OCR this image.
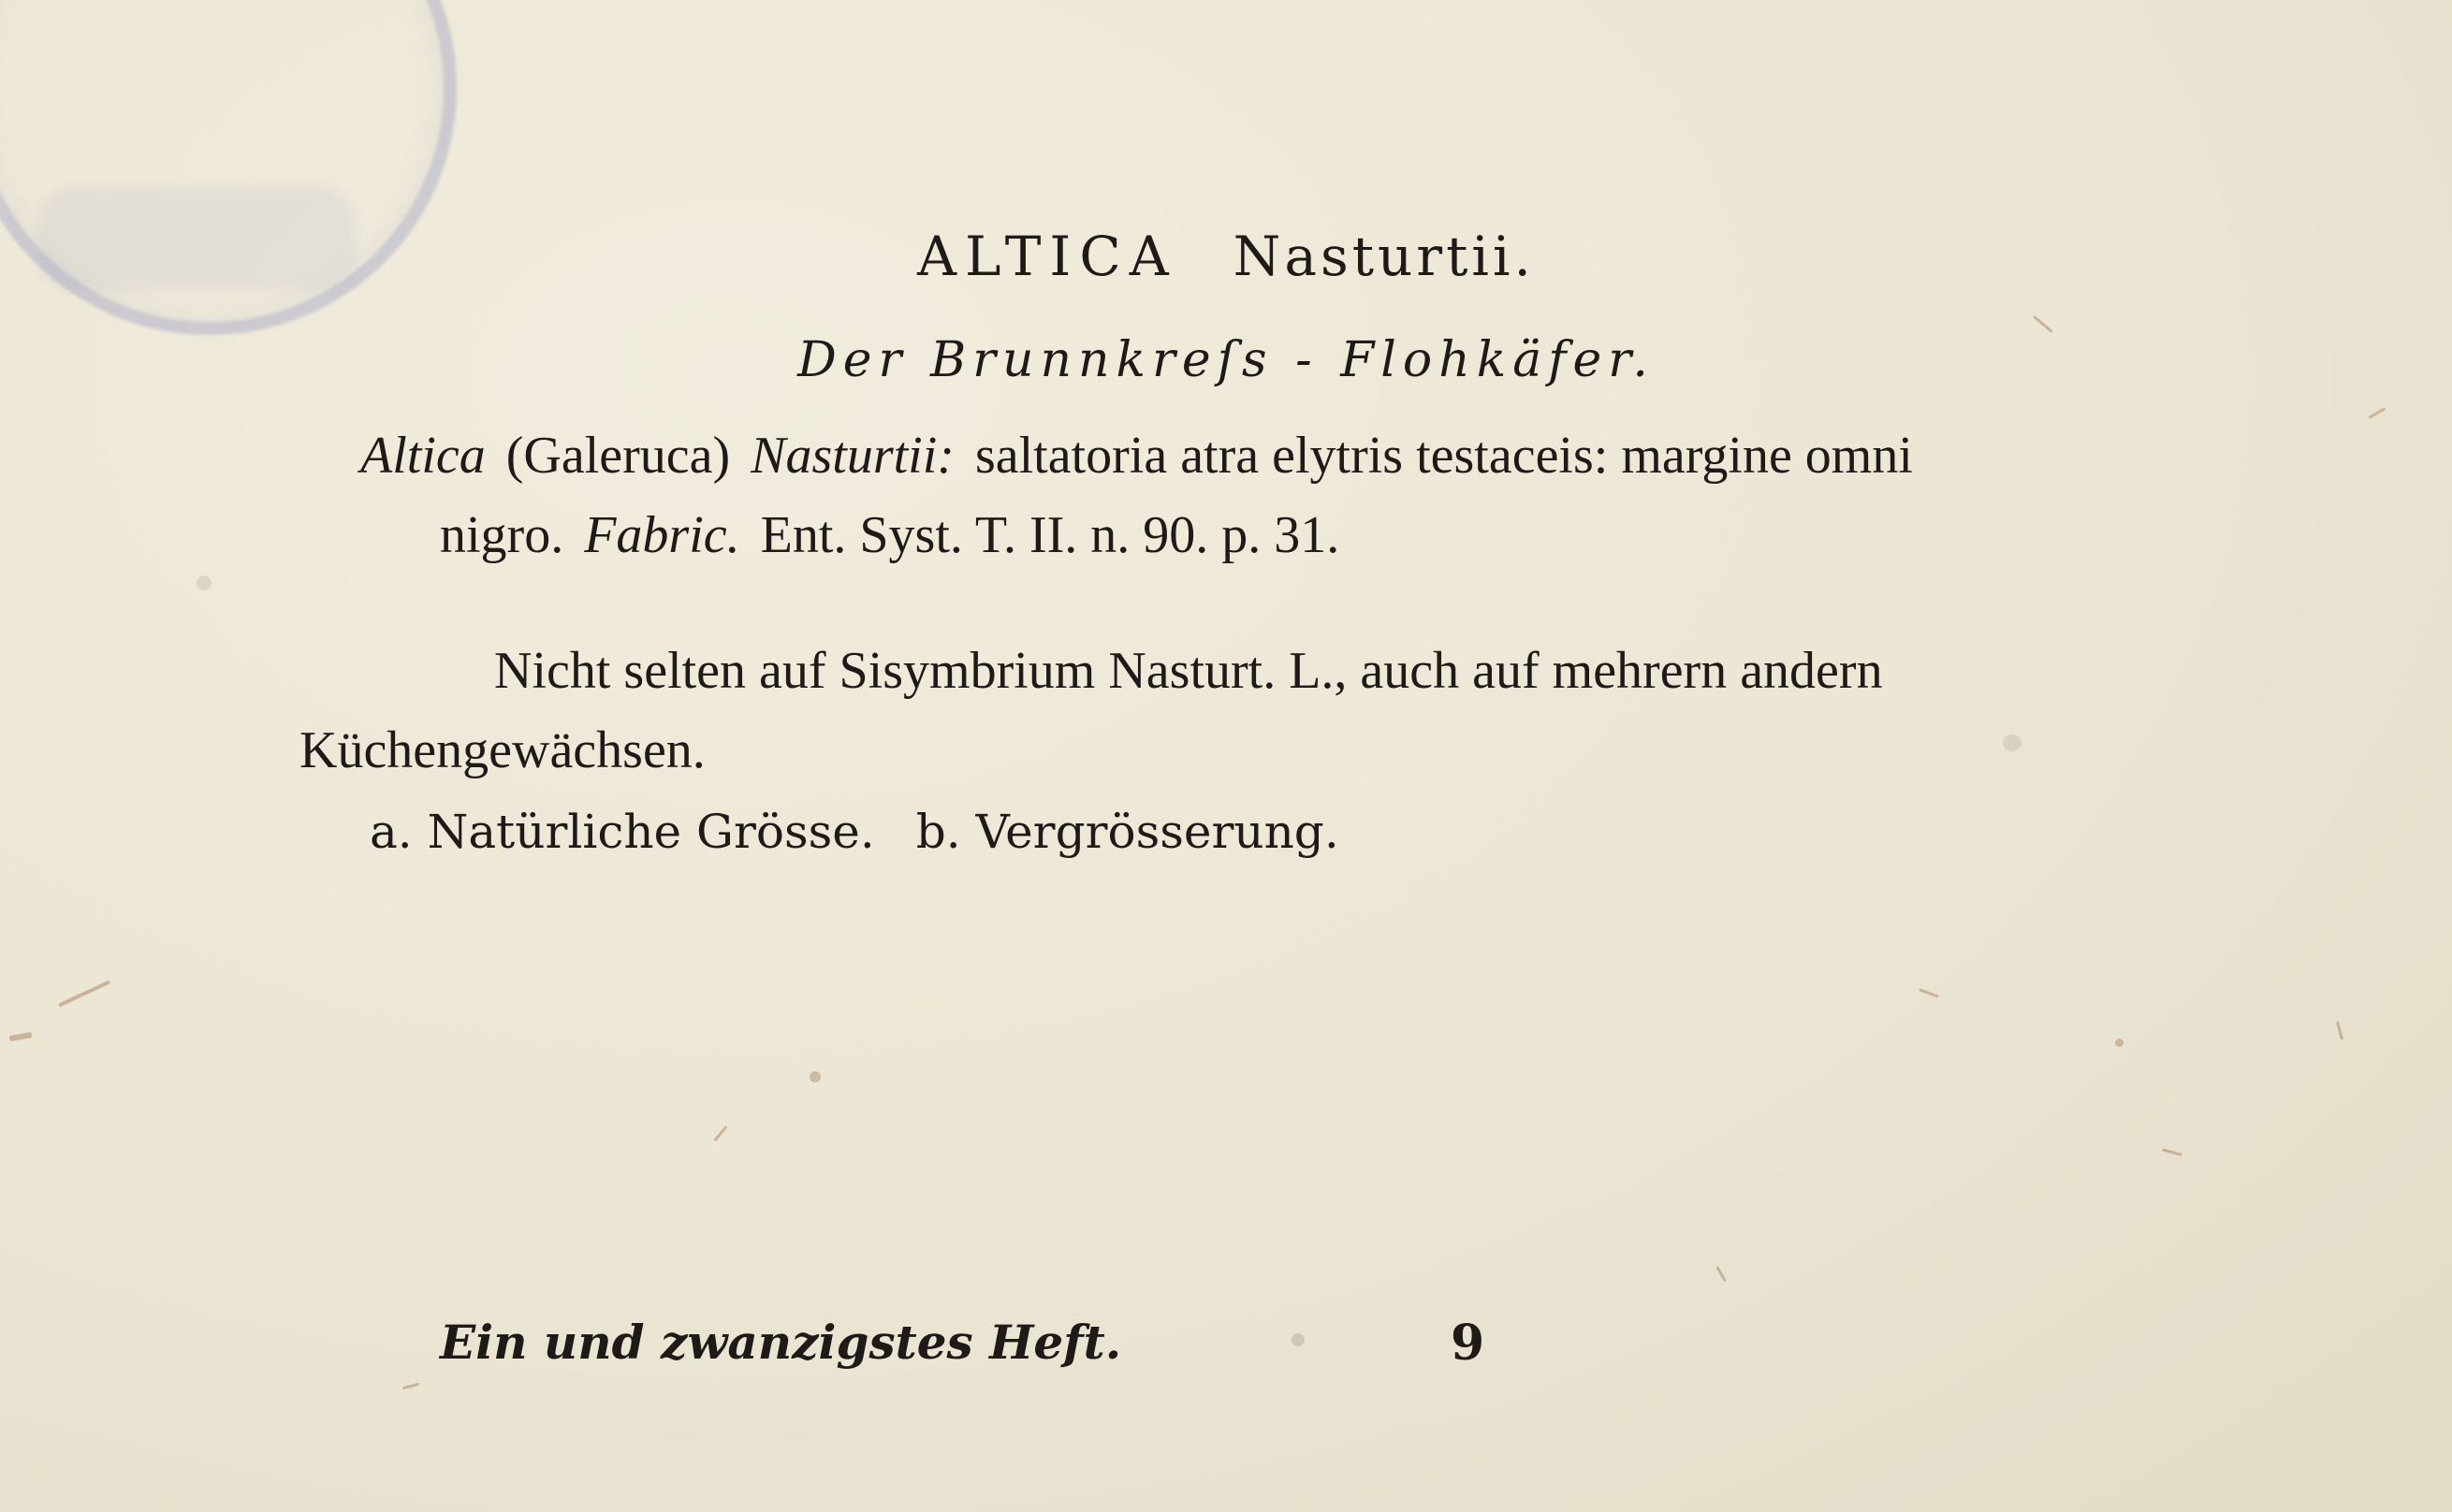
ALTICA Nasturtii.
Der Brunnkreſs - Flohkäfer.
Altica (Galeruca) Nasturtii: saltatoria atra elytris testaceis: margine omni
nigro. Fabric. Ent. Syst. T. II. n. 90. p. 31.
Nicht selten auf Sisymbrium Nasturt. L., auch auf mehrern andern
Küchengewächsen.
a. Natürliche Grösse. b. Vergrösserung.
Ein und zwanzigstes Heft.	9
